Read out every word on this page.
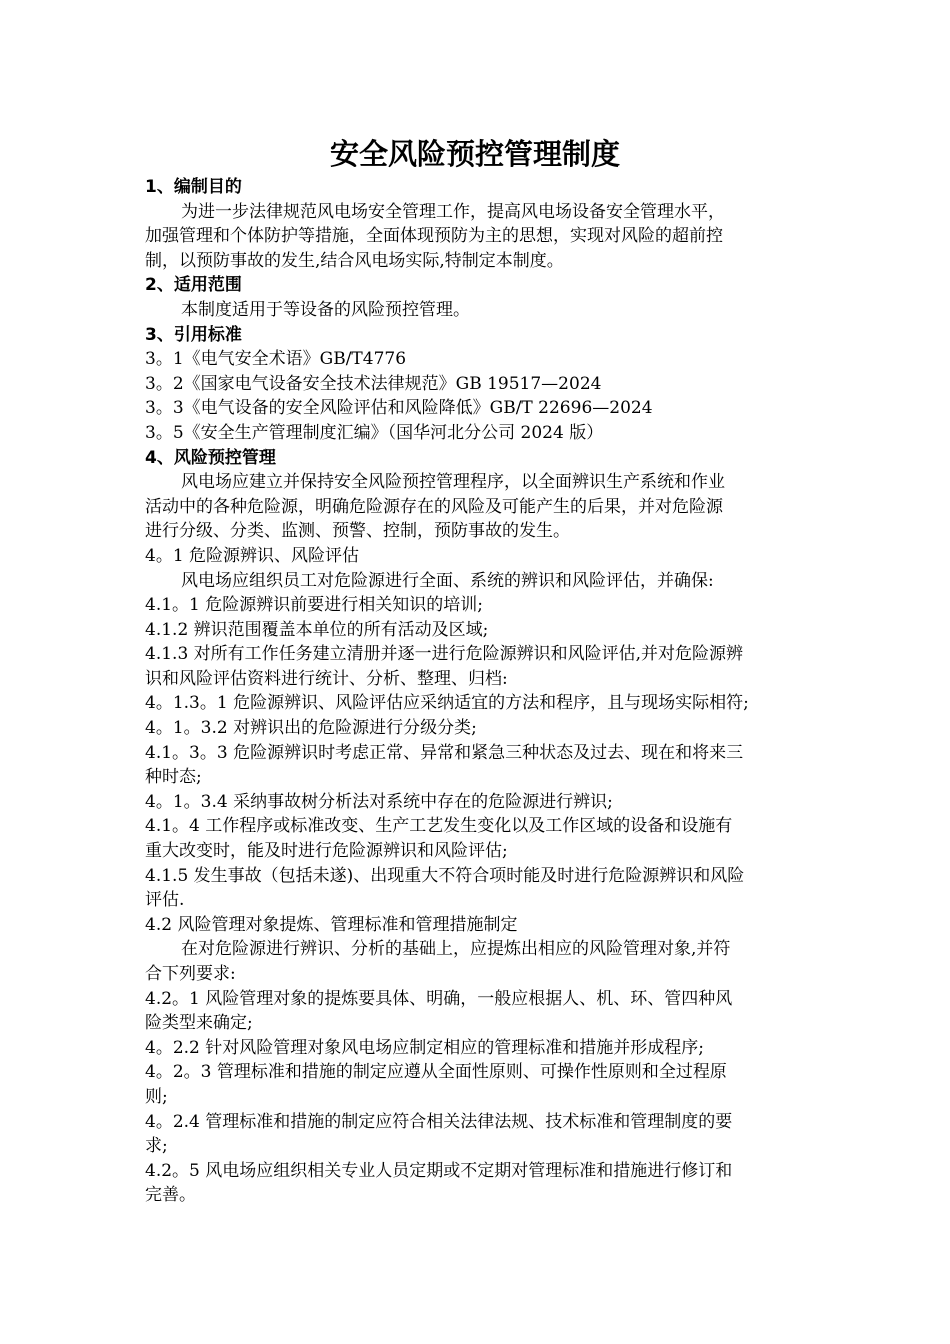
安全风险预控管理制度
1、编制目的
为进一步法律规范风电场安全管理工作，提高风电场设备安全管理水平，
加强管理和个体防护等措施，全面体现预防为主的思想，实现对风险的超前控
制，以预防事故的发生,结合风电场实际,特制定本制度。
2、适用范围
本制度适用于等设备的风险预控管理。
3、引用标准
3。1《电气安全术语》GB/T4776
3。2《国家电气设备安全技术法律规范》GB 19517—2024
3。3《电气设备的安全风险评估和风险降低》GB/T 22696—2024
3。5《安全生产管理制度汇编》（国华河北分公司 2024 版）
4、风险预控管理
风电场应建立并保持安全风险预控管理程序，以全面辨识生产系统和作业
活动中的各种危险源，明确危险源存在的风险及可能产生的后果，并对危险源
进行分级、分类、监测、预警、控制，预防事故的发生。
4。1 危险源辨识、风险评估
风电场应组织员工对危险源进行全面、系统的辨识和风险评估，并确保:
4.1。1 危险源辨识前要进行相关知识的培训;
4.1.2 辨识范围覆盖本单位的所有活动及区域;
4.1.3 对所有工作任务建立清册并逐一进行危险源辨识和风险评估,并对危险源辨
识和风险评估资料进行统计、分析、整理、归档:
4。1.3。1 危险源辨识、风险评估应采纳适宜的方法和程序，且与现场实际相符;
4。1。3.2 对辨识出的危险源进行分级分类;
4.1。3。3 危险源辨识时考虑正常、异常和紧急三种状态及过去、现在和将来三
种时态;
4。1。3.4 采纳事故树分析法对系统中存在的危险源进行辨识;
4.1。4 工作程序或标准改变、生产工艺发生变化以及工作区域的设备和设施有
重大改变时，能及时进行危险源辨识和风险评估;
4.1.5 发生事故（包括未遂)、出现重大不符合项时能及时进行危险源辨识和风险
评估.
4.2 风险管理对象提炼、管理标准和管理措施制定
在对危险源进行辨识、分析的基础上，应提炼出相应的风险管理对象,并符
合下列要求:
4.2。1 风险管理对象的提炼要具体、明确，一般应根据人、机、环、管四种风
险类型来确定;
4。2.2 针对风险管理对象风电场应制定相应的管理标准和措施并形成程序;
4。2。3 管理标准和措施的制定应遵从全面性原则、可操作性原则和全过程原
则;
4。2.4 管理标准和措施的制定应符合相关法律法规、技术标准和管理制度的要
求;
4.2。5 风电场应组织相关专业人员定期或不定期对管理标准和措施进行修订和
完善。
